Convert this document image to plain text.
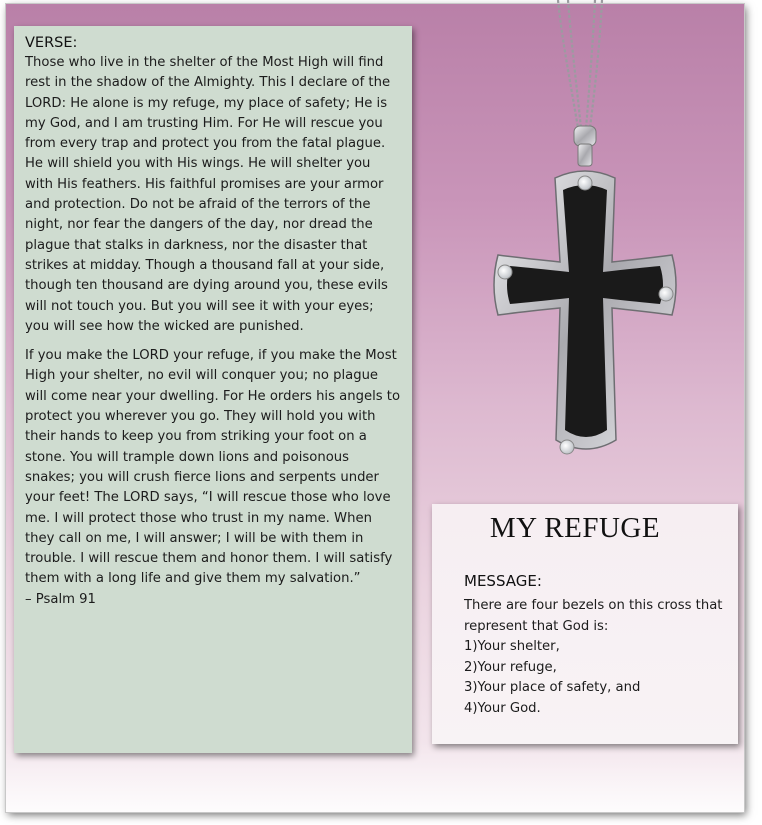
VERSE:

Those who live in the shelter of the Most High will find rest in the shadow of the Almighty. This I declare of the LORD: He alone is my refuge, my place of safety; He is my God, and I am trusting Him. For He will rescue you from every trap and protect you from the fatal plague. He will shield you with His wings. He will shelter you with His feathers. His faithful promises are your armor and protection. Do not be afraid of the terrors of the night, nor fear the dangers of the day, nor dread the plague that stalks in darkness, nor the disaster that strikes at midday. Though a thousand fall at your side, though ten thousand are dying around you, these evils will not touch you. But you will see it with your eyes; you will see how the wicked are punished.

If you make the LORD your refuge, if you make the Most High your shelter, no evil will conquer you; no plague will come near your dwelling. For He orders his angels to protect you wherever you go. They will hold you with their hands to keep you from striking your foot on a stone. You will trample down lions and poisonous snakes; you will crush fierce lions and serpents under your feet! The LORD says, “I will rescue those who love me. I will protect those who trust in my name. When they call on me, I will answer; I will be with them in trouble. I will rescue them and honor them. I will satisfy them with a long life and give them my salvation.”

– Psalm 91

MY REFUGE

MESSAGE:

There are four bezels on this cross that represent that God is:
1)Your shelter,
2)Your refuge,
3)Your place of safety, and
4)Your God.
